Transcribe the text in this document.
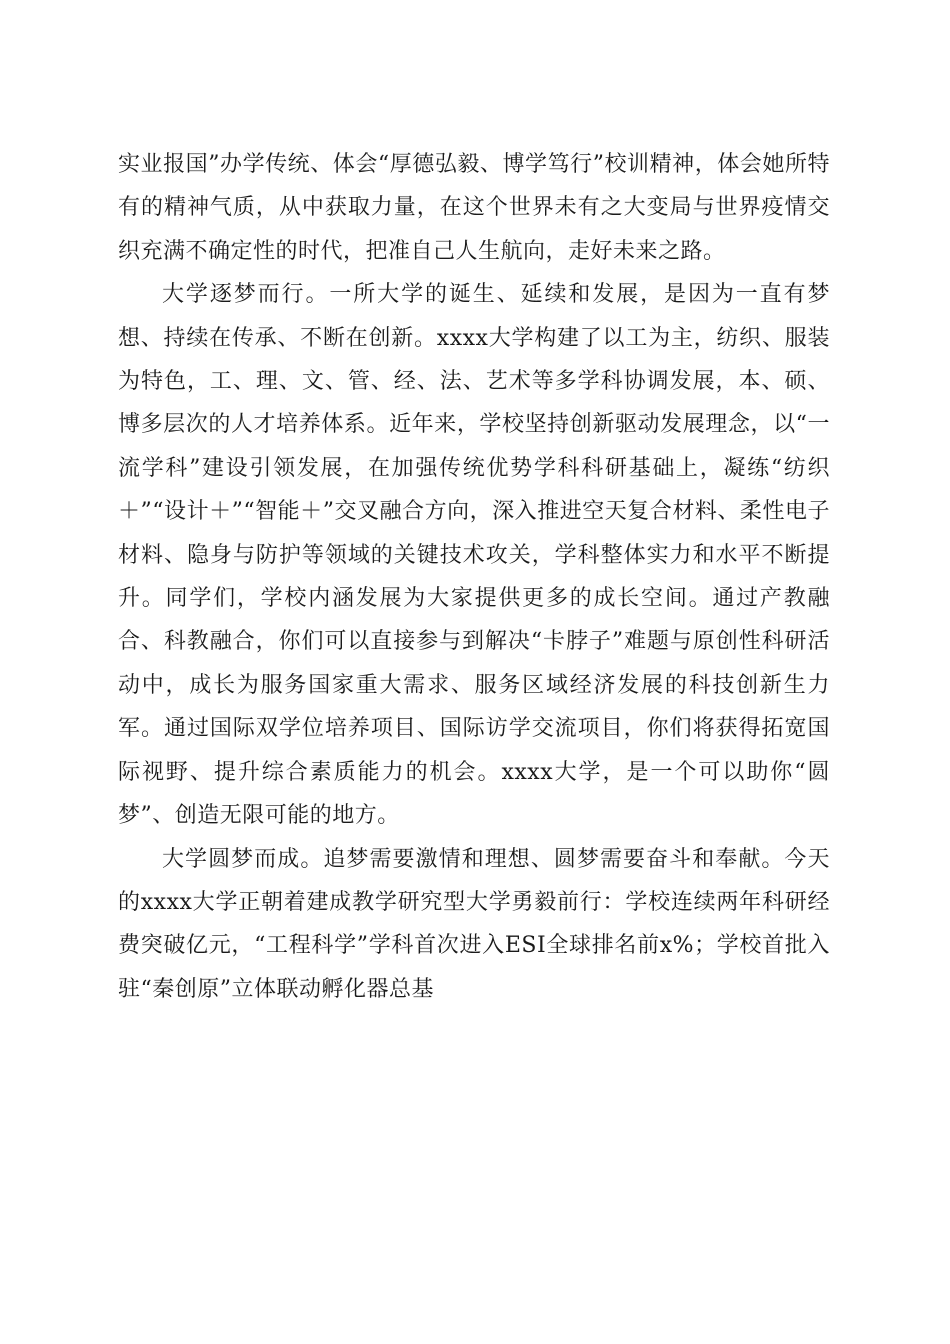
实业报国”办学传统、体会“厚德弘毅、博学笃行”校训精神，体会她所特有的精神气质，从中获取力量，在这个世界未有之大变局与世界疫情交织充满不确定性的时代，把准自己人生航向，走好未来之路。

大学逐梦而行。一所大学的诞生、延续和发展，是因为一直有梦想、持续在传承、不断在创新。xxxx大学构建了以工为主，纺织、服装为特色，工、理、文、管、经、法、艺术等多学科协调发展，本、硕、博多层次的人才培养体系。近年来，学校坚持创新驱动发展理念，以“一流学科”建设引领发展，在加强传统优势学科科研基础上，凝练“纺织＋”“设计＋”“智能＋”交叉融合方向，深入推进空天复合材料、柔性电子材料、隐身与防护等领域的关键技术攻关，学科整体实力和水平不断提升。同学们，学校内涵发展为大家提供更多的成长空间。通过产教融合、科教融合，你们可以直接参与到解决“卡脖子”难题与原创性科研活动中，成长为服务国家重大需求、服务区域经济发展的科技创新生力军。通过国际双学位培养项目、国际访学交流项目，你们将获得拓宽国际视野、提升综合素质能力的机会。xxxx大学，是一个可以助你“圆梦”、创造无限可能的地方。

大学圆梦而成。追梦需要激情和理想、圆梦需要奋斗和奉献。今天的xxxx大学正朝着建成教学研究型大学勇毅前行：学校连续两年科研经费突破亿元，“工程科学”学科首次进入ESI全球排名前x%；学校首批入驻“秦创原”立体联动孵化器总基
